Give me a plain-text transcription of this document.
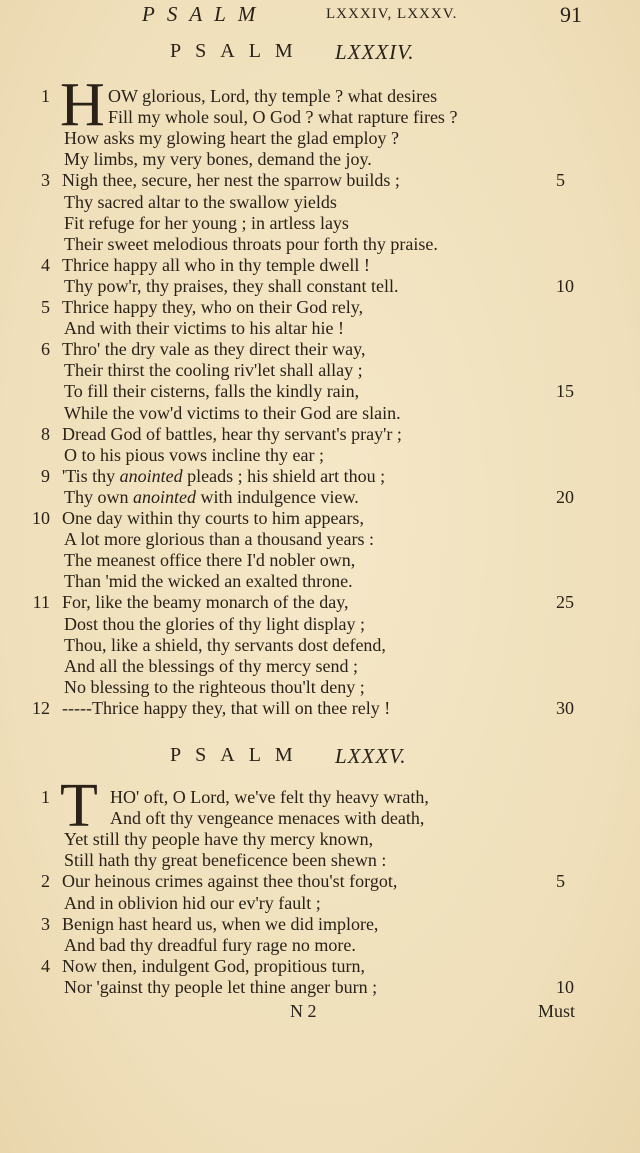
PSALM	LXXXIV, LXXXV.	91
PSALM LXXXIV.
H
1	OW glorious, Lord, thy temple ? what desires
Fill my whole soul, O God ? what rapture fires ?
How asks my glowing heart the glad employ ?
My limbs, my very bones, demand the joy.
3 Nigh thee, secure, her nest the sparrow builds ;	5
Thy sacred altar to the swallow yields
Fit refuge for her young ; in artless lays
Their sweet melodious throats pour forth thy praise.
4 Thrice happy all who in thy temple dwell !
Thy pow'r, thy praises, they shall constant tell.	10
5 Thrice happy they, who on their God rely,
And with their victims to his altar hie !
6 Thro' the dry vale as they direct their way,
Their thirst the cooling riv'let shall allay ;
To fill their cisterns, falls the kindly rain,	15
While the vow'd victims to their God are slain.
8 Dread God of battles, hear thy servant's pray'r ;
O to his pious vows incline thy ear ;
9 'Tis thy anointed pleads ; his shield art thou ;
Thy own anointed with indulgence view.	20
10 One day within thy courts to him appears,
A lot more glorious than a thousand years :
The meanest office there I'd nobler own,
Than 'mid the wicked an exalted throne.
11 For, like the beamy monarch of the day,	25
Dost thou the glories of thy light display ;
Thou, like a shield, thy servants dost defend,
And all the blessings of thy mercy send ;
No blessing to the righteous thou'lt deny ;
12 -----Thrice happy they, that will on thee rely !	30
PSALM LXXXV.
T
1	HO' oft, O Lord, we've felt thy heavy wrath,
And oft thy vengeance menaces with death,
Yet still thy people have thy mercy known,
Still hath thy great beneficence been shewn :
2 Our heinous crimes against thee thou'st forgot,	5
And in oblivion hid our ev'ry fault ;
3 Benign hast heard us, when we did implore,
And bad thy dreadful fury rage no more.
4 Now then, indulgent God, propitious turn,
Nor 'gainst thy people let thine anger burn ;	10
N 2	Must
